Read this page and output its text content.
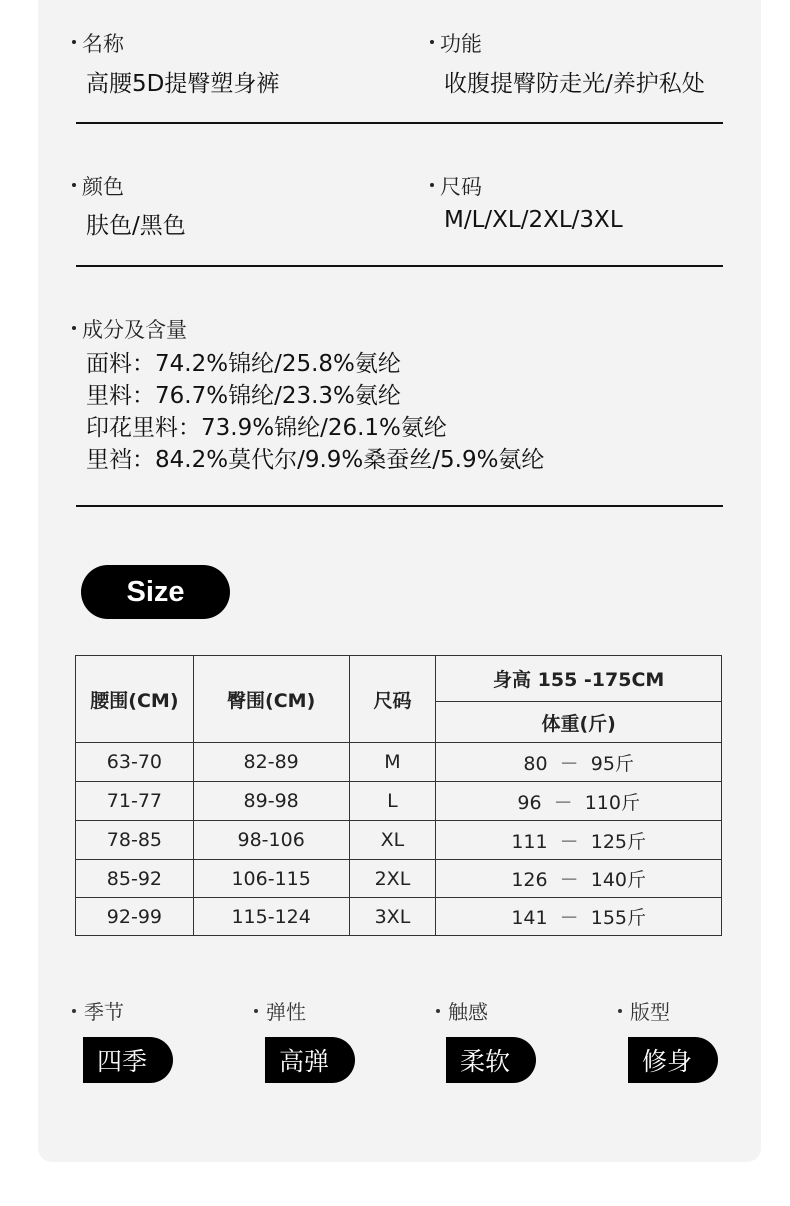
名称
高腰5D提臀塑身裤
功能
收腹提臀防走光/养护私处
颜色
肤色/黑色
尺码
M/L/XL/2XL/3XL
成分及含量
面料：74.2%锦纶/25.8%氨纶
里料：76.7%锦纶/23.3%氨纶
印花里料：73.9%锦纶/26.1%氨纶
里裆：84.2%莫代尔/9.9%桑蚕丝/5.9%氨纶
Size
腰围(CM)	臀围(CM)	尺码	身高 155 -175CM
			体重(斤)
63-70	82-89	M	80  －  95斤
71-77	89-98	L	96  －  110斤
78-85	98-106	XL	111  －  125斤
85-92	106-115	2XL	126  －  140斤
92-99	115-124	3XL	141  －  155斤
季节	弹性	触感	版型
四季	高弹	柔软	修身
